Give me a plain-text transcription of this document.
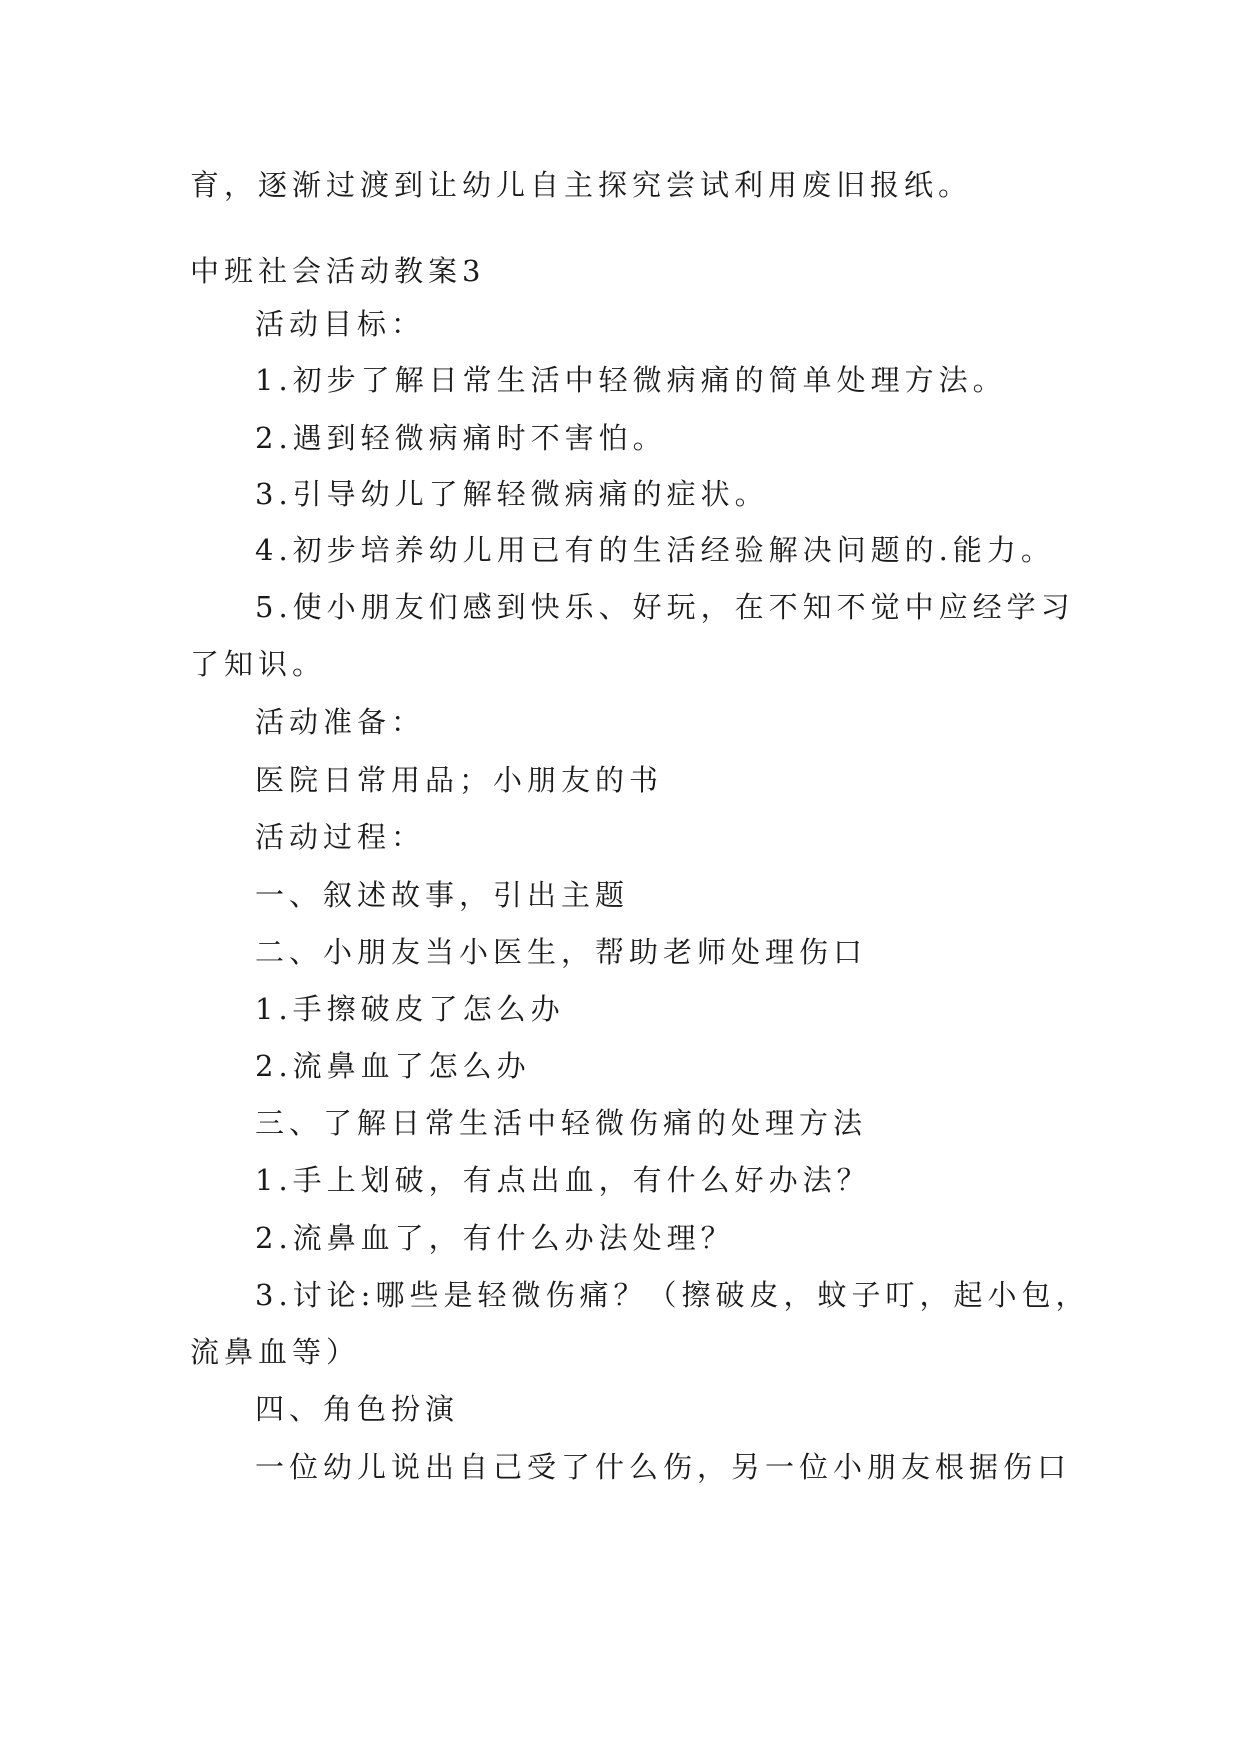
育，逐渐过渡到让幼儿自主探究尝试利用废旧报纸。
中班社会活动教案3
活动目标：
1.初步了解日常生活中轻微病痛的简单处理方法。
2.遇到轻微病痛时不害怕。
3.引导幼儿了解轻微病痛的症状。
4.初步培养幼儿用已有的生活经验解决问题的.能力。
5.使小朋友们感到快乐、好玩，在不知不觉中应经学习
了知识。
活动准备：
医院日常用品；小朋友的书
活动过程：
一、叙述故事，引出主题
二、小朋友当小医生，帮助老师处理伤口
1.手擦破皮了怎么办
2.流鼻血了怎么办
三、了解日常生活中轻微伤痛的处理方法
1.手上划破，有点出血，有什么好办法？
2.流鼻血了，有什么办法处理？
3.讨论:哪些是轻微伤痛？（擦破皮，蚊子叮，起小包，
流鼻血等）
四、角色扮演
一位幼儿说出自己受了什么伤，另一位小朋友根据伤口
